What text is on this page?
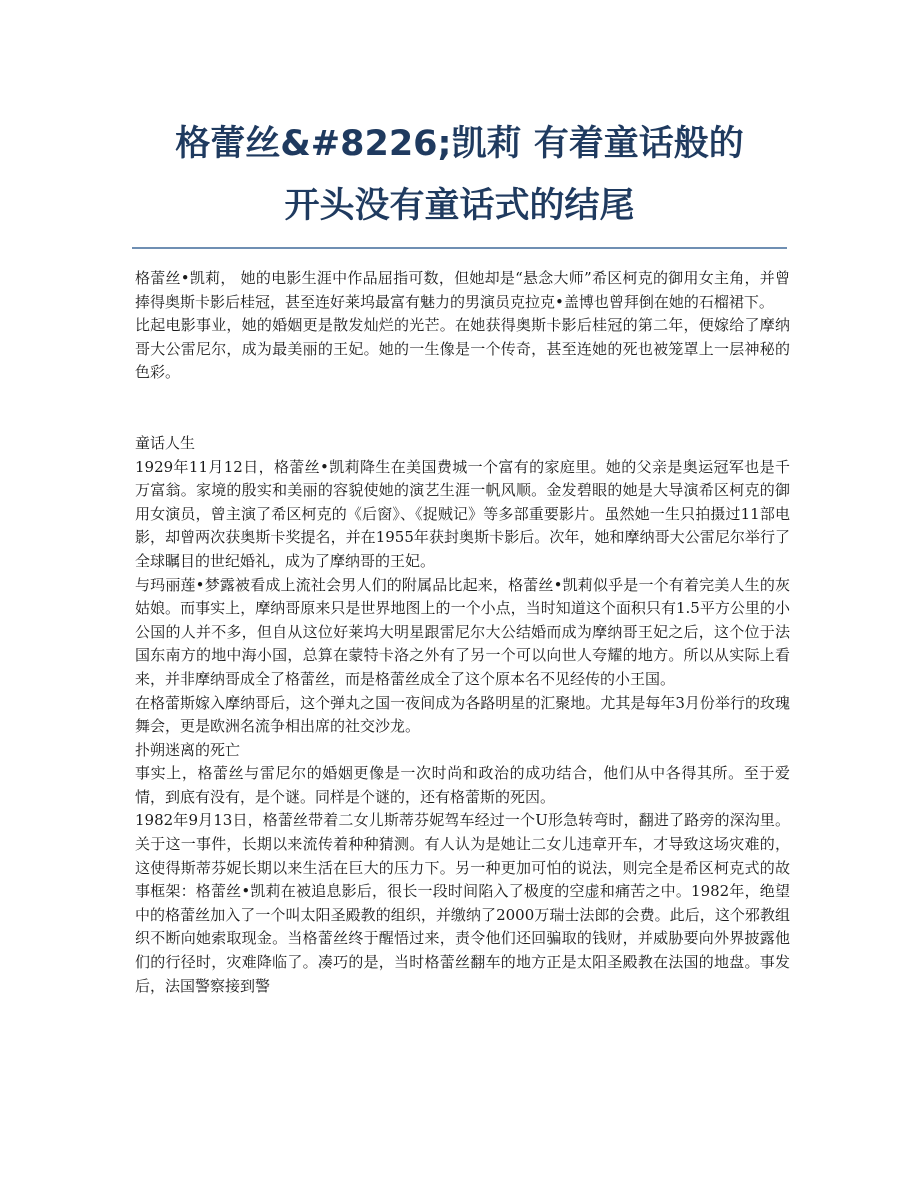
格蕾丝&#8226;凯莉 有着童话般的
开头没有童话式的结尾

格蕾丝•凯莉， 她的电影生涯中作品屈指可数，但她却是“悬念大师”希区柯克的御用女主角，并曾捧得奥斯卡影后桂冠，甚至连好莱坞最富有魅力的男演员克拉克•盖博也曾拜倒在她的石榴裙下。

比起电影事业，她的婚姻更是散发灿烂的光芒。在她获得奥斯卡影后桂冠的第二年，便嫁给了摩纳哥大公雷尼尔，成为最美丽的王妃。她的一生像是一个传奇，甚至连她的死也被笼罩上一层神秘的色彩。

童话人生

1929年11月12日，格蕾丝•凯莉降生在美国费城一个富有的家庭里。她的父亲是奥运冠军也是千万富翁。家境的殷实和美丽的容貌使她的演艺生涯一帆风顺。金发碧眼的她是大导演希区柯克的御用女演员，曾主演了希区柯克的《后窗》、《捉贼记》等多部重要影片。虽然她一生只拍摄过11部电影，却曾两次获奥斯卡奖提名，并在1955年获封奥斯卡影后。次年，她和摩纳哥大公雷尼尔举行了全球瞩目的世纪婚礼，成为了摩纳哥的王妃。

与玛丽莲•梦露被看成上流社会男人们的附属品比起来，格蕾丝•凯莉似乎是一个有着完美人生的灰姑娘。而事实上，摩纳哥原来只是世界地图上的一个小点，当时知道这个面积只有1.5平方公里的小公国的人并不多，但自从这位好莱坞大明星跟雷尼尔大公结婚而成为摩纳哥王妃之后，这个位于法国东南方的地中海小国，总算在蒙特卡洛之外有了另一个可以向世人夸耀的地方。所以从实际上看来，并非摩纳哥成全了格蕾丝，而是格蕾丝成全了这个原本名不见经传的小王国。

在格蕾斯嫁入摩纳哥后，这个弹丸之国一夜间成为各路明星的汇聚地。尤其是每年3月份举行的玫瑰舞会，更是欧洲名流争相出席的社交沙龙。

扑朔迷离的死亡

事实上，格蕾丝与雷尼尔的婚姻更像是一次时尚和政治的成功结合，他们从中各得其所。至于爱情，到底有没有，是个谜。同样是个谜的，还有格蕾斯的死因。

1982年9月13日，格蕾丝带着二女儿斯蒂芬妮驾车经过一个U形急转弯时，翻进了路旁的深沟里。关于这一事件，长期以来流传着种种猜测。有人认为是她让二女儿违章开车，才导致这场灾难的，这使得斯蒂芬妮长期以来生活在巨大的压力下。另一种更加可怕的说法，则完全是希区柯克式的故事框架：格蕾丝•凯莉在被追息影后，很长一段时间陷入了极度的空虚和痛苦之中。1982年，绝望中的格蕾丝加入了一个叫太阳圣殿教的组织，并缴纳了2000万瑞士法郎的会费。此后，这个邪教组织不断向她索取现金。当格蕾丝终于醒悟过来，责令他们还回骗取的钱财，并威胁要向外界披露他们的行径时，灾难降临了。凑巧的是，当时格蕾丝翻车的地方正是太阳圣殿教在法国的地盘。事发后，法国警察接到警
